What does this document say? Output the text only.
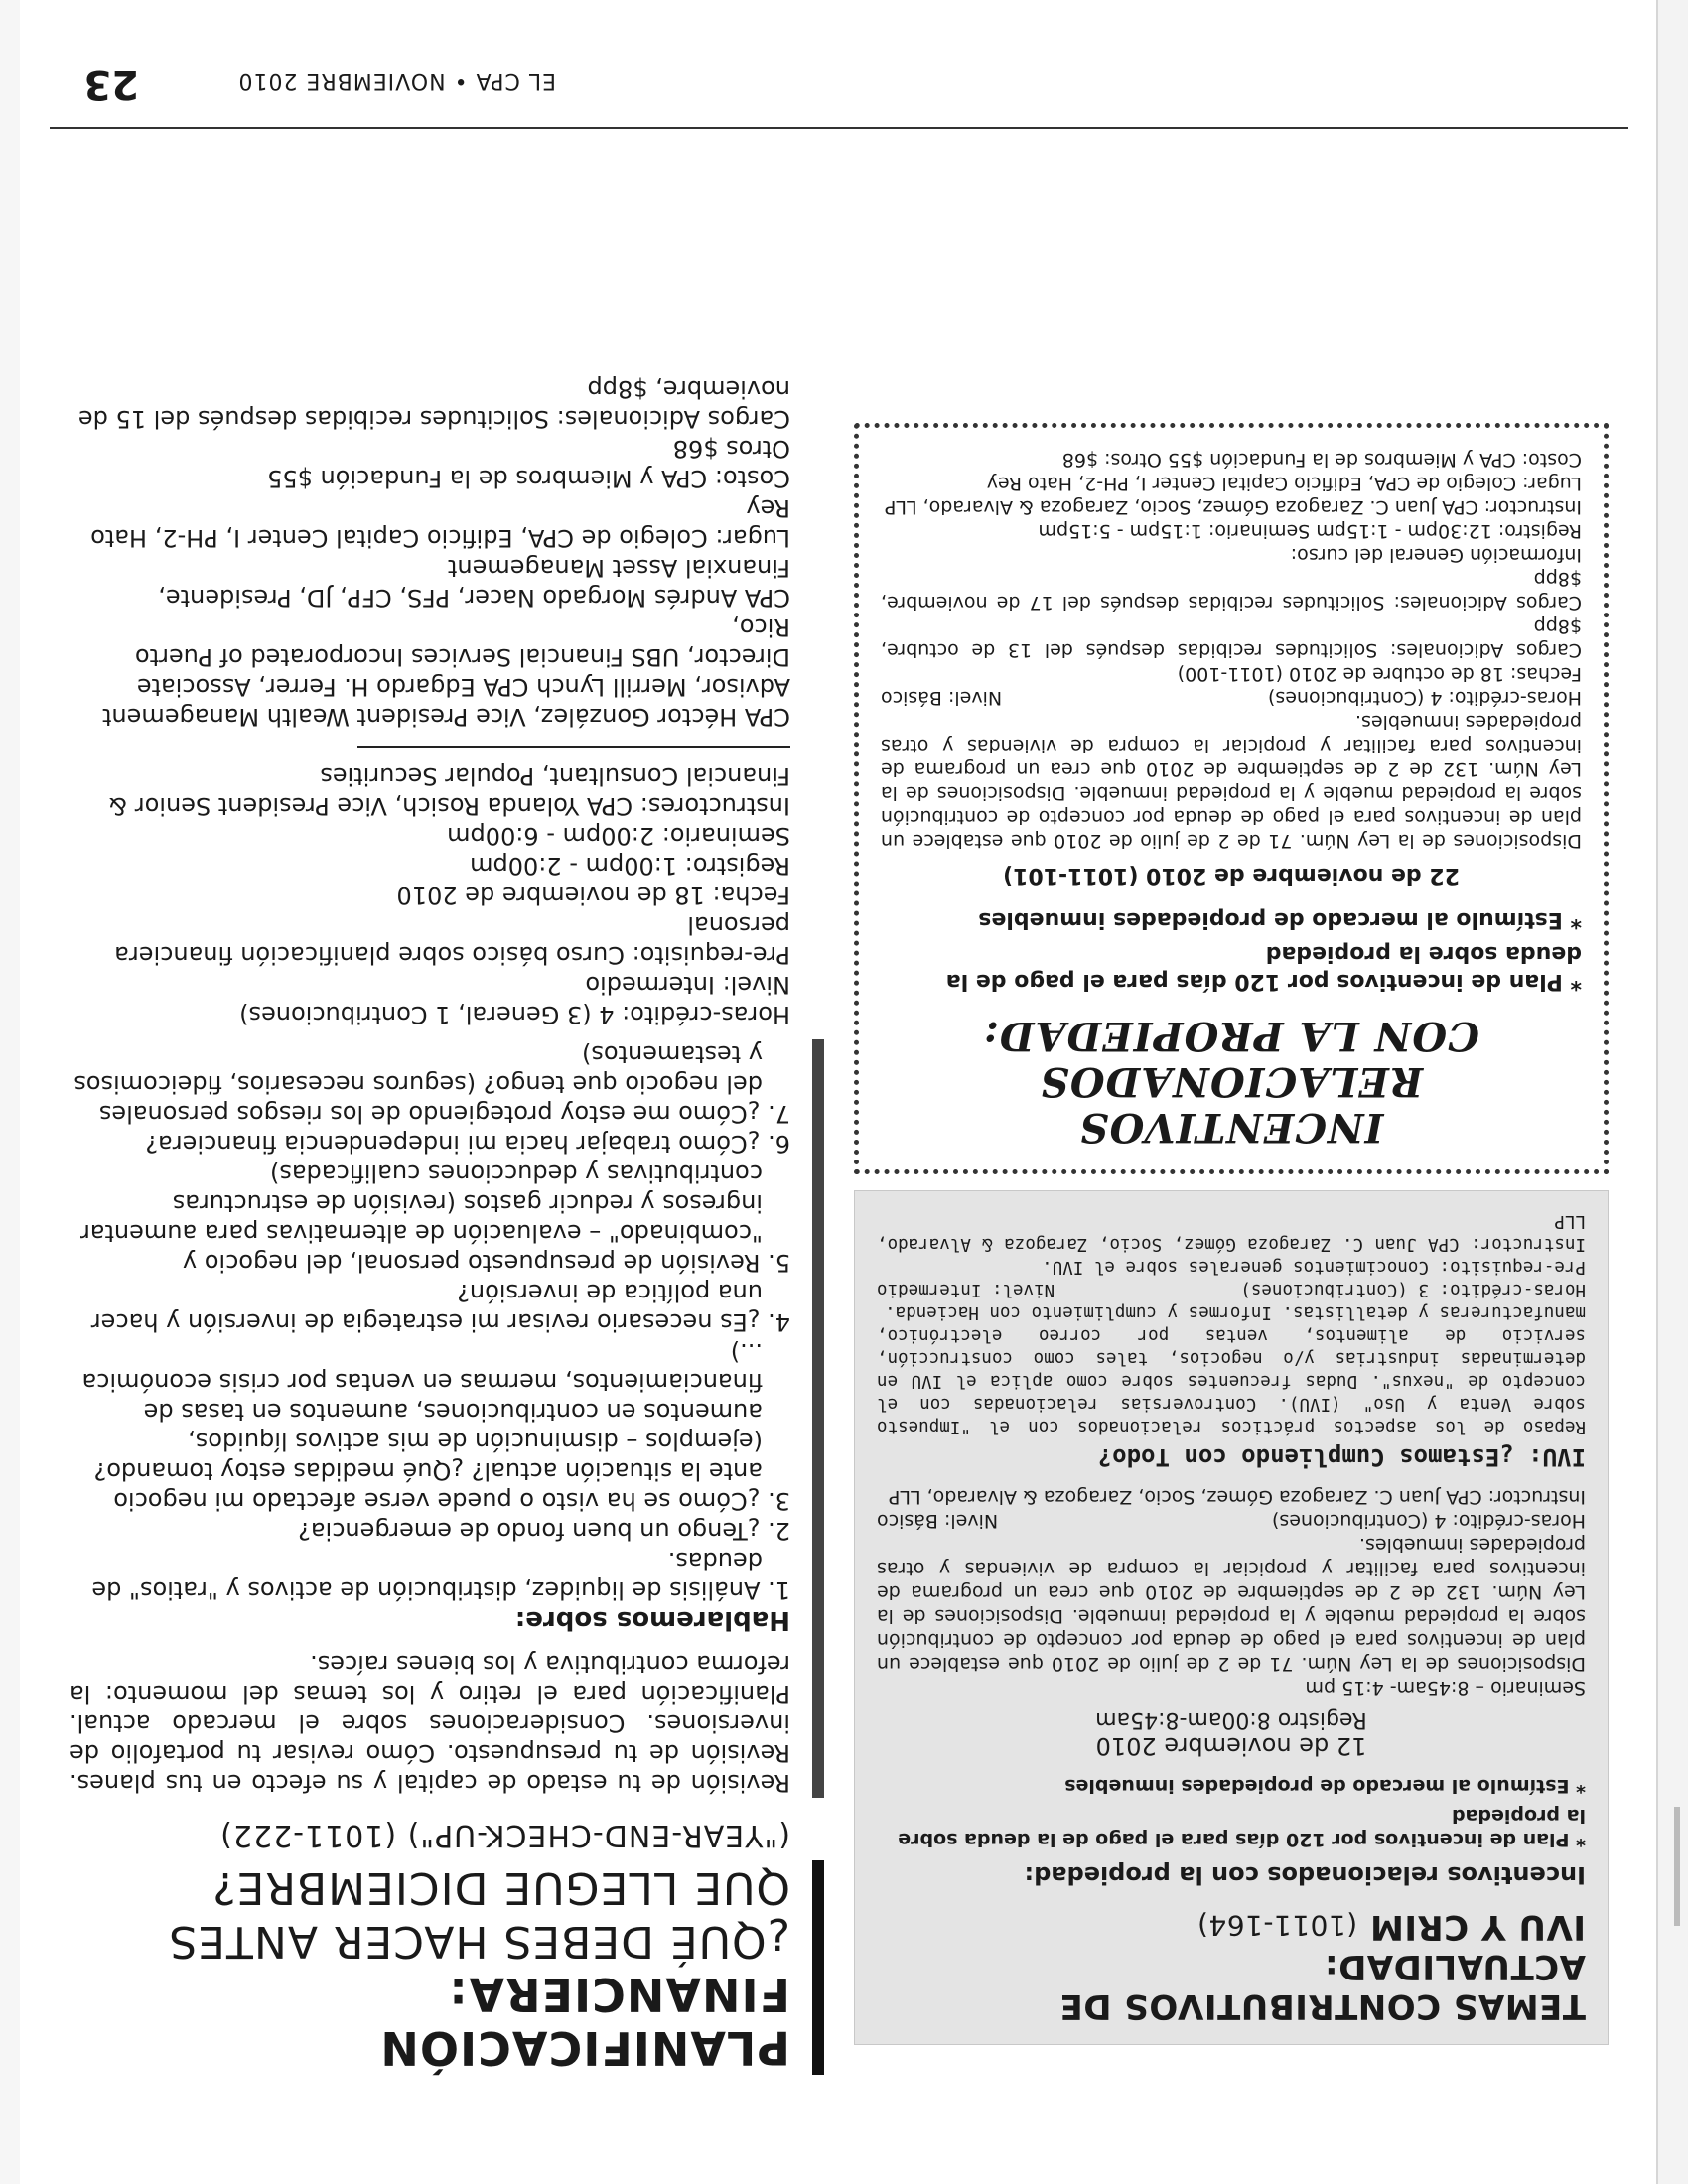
TEMAS CONTRIBUTIVOS DE ACTUALIDAD:
IVU Y CRIM (1011-164)
Incentivos relacionados con la propiedad:
* Plan de incentivos por 120 días para el pago de la deuda sobre la propiedad
* Estímulo al mercado de propiedades inmuebles
12 de noviembre 2010
Registro 8:00am-8:45am
Seminario – 8:45am- 4:15 pm
Disposiciones de la Ley Núm. 71 de 2 de julio de 2010 que establece un plan de incentivos para el pago de deuda por concepto de contribución sobre la propiedad mueble y la propiedad inmueble. Disposiciones de la Ley Núm. 132 de 2 de septiembre de 2010 que crea un programa de incentivos para facilitar y propiciar la compra de viviendas y otras propiedades inmuebles.
Horas-crédito: 4 (Contribuciones)
Nivel: Básico
Instructor: CPA Juan C. Zaragoza Gómez, Socio, Zaragoza & Alvarado, LLP
IVU: ¿Estamos Cumpliendo con Todo?
Repaso de los aspectos prácticos relacionados con el "Impuesto sobre Venta y Uso" (IVU). Controversias relacionadas con el concepto de "nexus". Dudas frecuentes sobre como aplica el IVU en determinadas industrias y/o negocios, tales como construcción, servicio de alimentos, ventas por correo electrónico, manufactureras y detallistas. Informes y cumplimiento con Hacienda.
Horas-crédito: 3 (Contribuciones)
Nivel: Intermedio
Pre-requisito: Conocimientos generales sobre el IVU.
Instructor: CPA Juan C. Zaragoza Gómez, Socio, Zaragoza & Alvarado, LLP
INCENTIVOS RELACIONADOS
CON LA PROPIEDAD:
* Plan de incentivos por 120 días para el pago de la deuda sobre la propiedad
* Estímulo al mercado de propiedades inmuebles
22 de noviembre de 2010 (1011-101)
Disposiciones de la Ley Núm. 71 de 2 de julio de 2010 que establece un plan de incentivos para el pago de deuda por concepto de contribución sobre la propiedad mueble y la propiedad inmueble. Disposiciones de la Ley Núm. 132 de 2 de septiembre de 2010 que crea un programa de incentivos para facilitar y propiciar la compra de viviendas y otras propiedades inmuebles.
Horas-crédito: 4 (Contribuciones)
Nivel: Básico
Fechas: 18 de octubre de 2010 (1011-100)
Cargos Adicionales: Solicitudes recibidas después del 13 de octubre, $8pp
Cargos Adicionales: Solicitudes recibidas después del 17 de noviembre, $8pp
Información General del curso:
Registro: 12:30pm - 1:15pm Seminario: 1:15pm - 5:15pm
Instructor: CPA Juan C. Zaragoza Gómez, Socio, Zaragoza & Alvarado, LLP
Lugar: Colegio de CPA, Edificio Capital Center I, PH-2, Hato Rey
Costo: CPA y Miembros de la Fundación $55 Otros: $68
PLANIFICACIÓN FINANCIERA:
¿QUÉ DEBES HACER ANTES
QUE LLEGUE DICIEMBRE?
("YEAR-END-CHECK-UP") (1011-222)
Revisión de tu estado de capital y su efecto en tus planes. Revisión de tu presupuesto. Cómo revisar tu portafolio de inversiones. Consideraciones sobre el mercado actual. Planificación para el retiro y los temas del momento: la reforma contributiva y los bienes raíces.
Hablaremos sobre:
1. Análisis de liquidez, distribución de activos y "ratios" de deudas.
2. ¿Tengo un buen fondo de emergencia?
3. ¿Cómo se ha visto o puede verse afectado mi negocio ante la situación actual? ¿Qué medidas estoy tomando? (ejemplos – disminución de mis activos líquidos, aumentos en contribuciones, aumentos en tasas de financiamientos, mermas en ventas por crisis económica ...)
4. ¿Es necesario revisar mi estrategia de inversión y hacer una política de inversión?
5. Revisión de presupuesto personal, del negocio y "combinado" – evaluación de alternativas para aumentar ingresos y reducir gastos (revisión de estructuras contributivas y deducciones cualificadas)
6. ¿Cómo trabajar hacia mi independencia financiera?
7. ¿Cómo me estoy protegiendo de los riesgos personales del negocio que tengo? (seguros necesarios, fideicomisos y testamentos)
Horas-crédito: 4 (3 General, 1 Contribuciones)
Nivel: Intermedio
Pre-requisito: Curso básico sobre planificación financiera personal
Fecha: 18 de noviembre de 2010
Registro: 1:00pm - 2:00pm
Seminario: 2:00pm - 6:00pm
Instructores: CPA Yolanda Rosich, Vice President Senior & Financial Consultant, Popular Securities
CPA Héctor González, Vice President Wealth Management Advisor, Merrill Lynch CPA Edgardo H. Ferrer, Associate Director, UBS Financial Services Incorporated of Puerto Rico,
CPA Andrés Morgado Nacer, PFS, CFP, JD, Presidente, Finanxial Asset Management
Lugar: Colegio de CPA, Edificio Capital Center I, PH-2, Hato Rey
Costo: CPA y Miembros de la Fundación $55
Otros $68
Cargos Adicionales: Solicitudes recibidas después del 15 de noviembre, $8pp
EL CPA • NOVIEMBRE 2010
23
